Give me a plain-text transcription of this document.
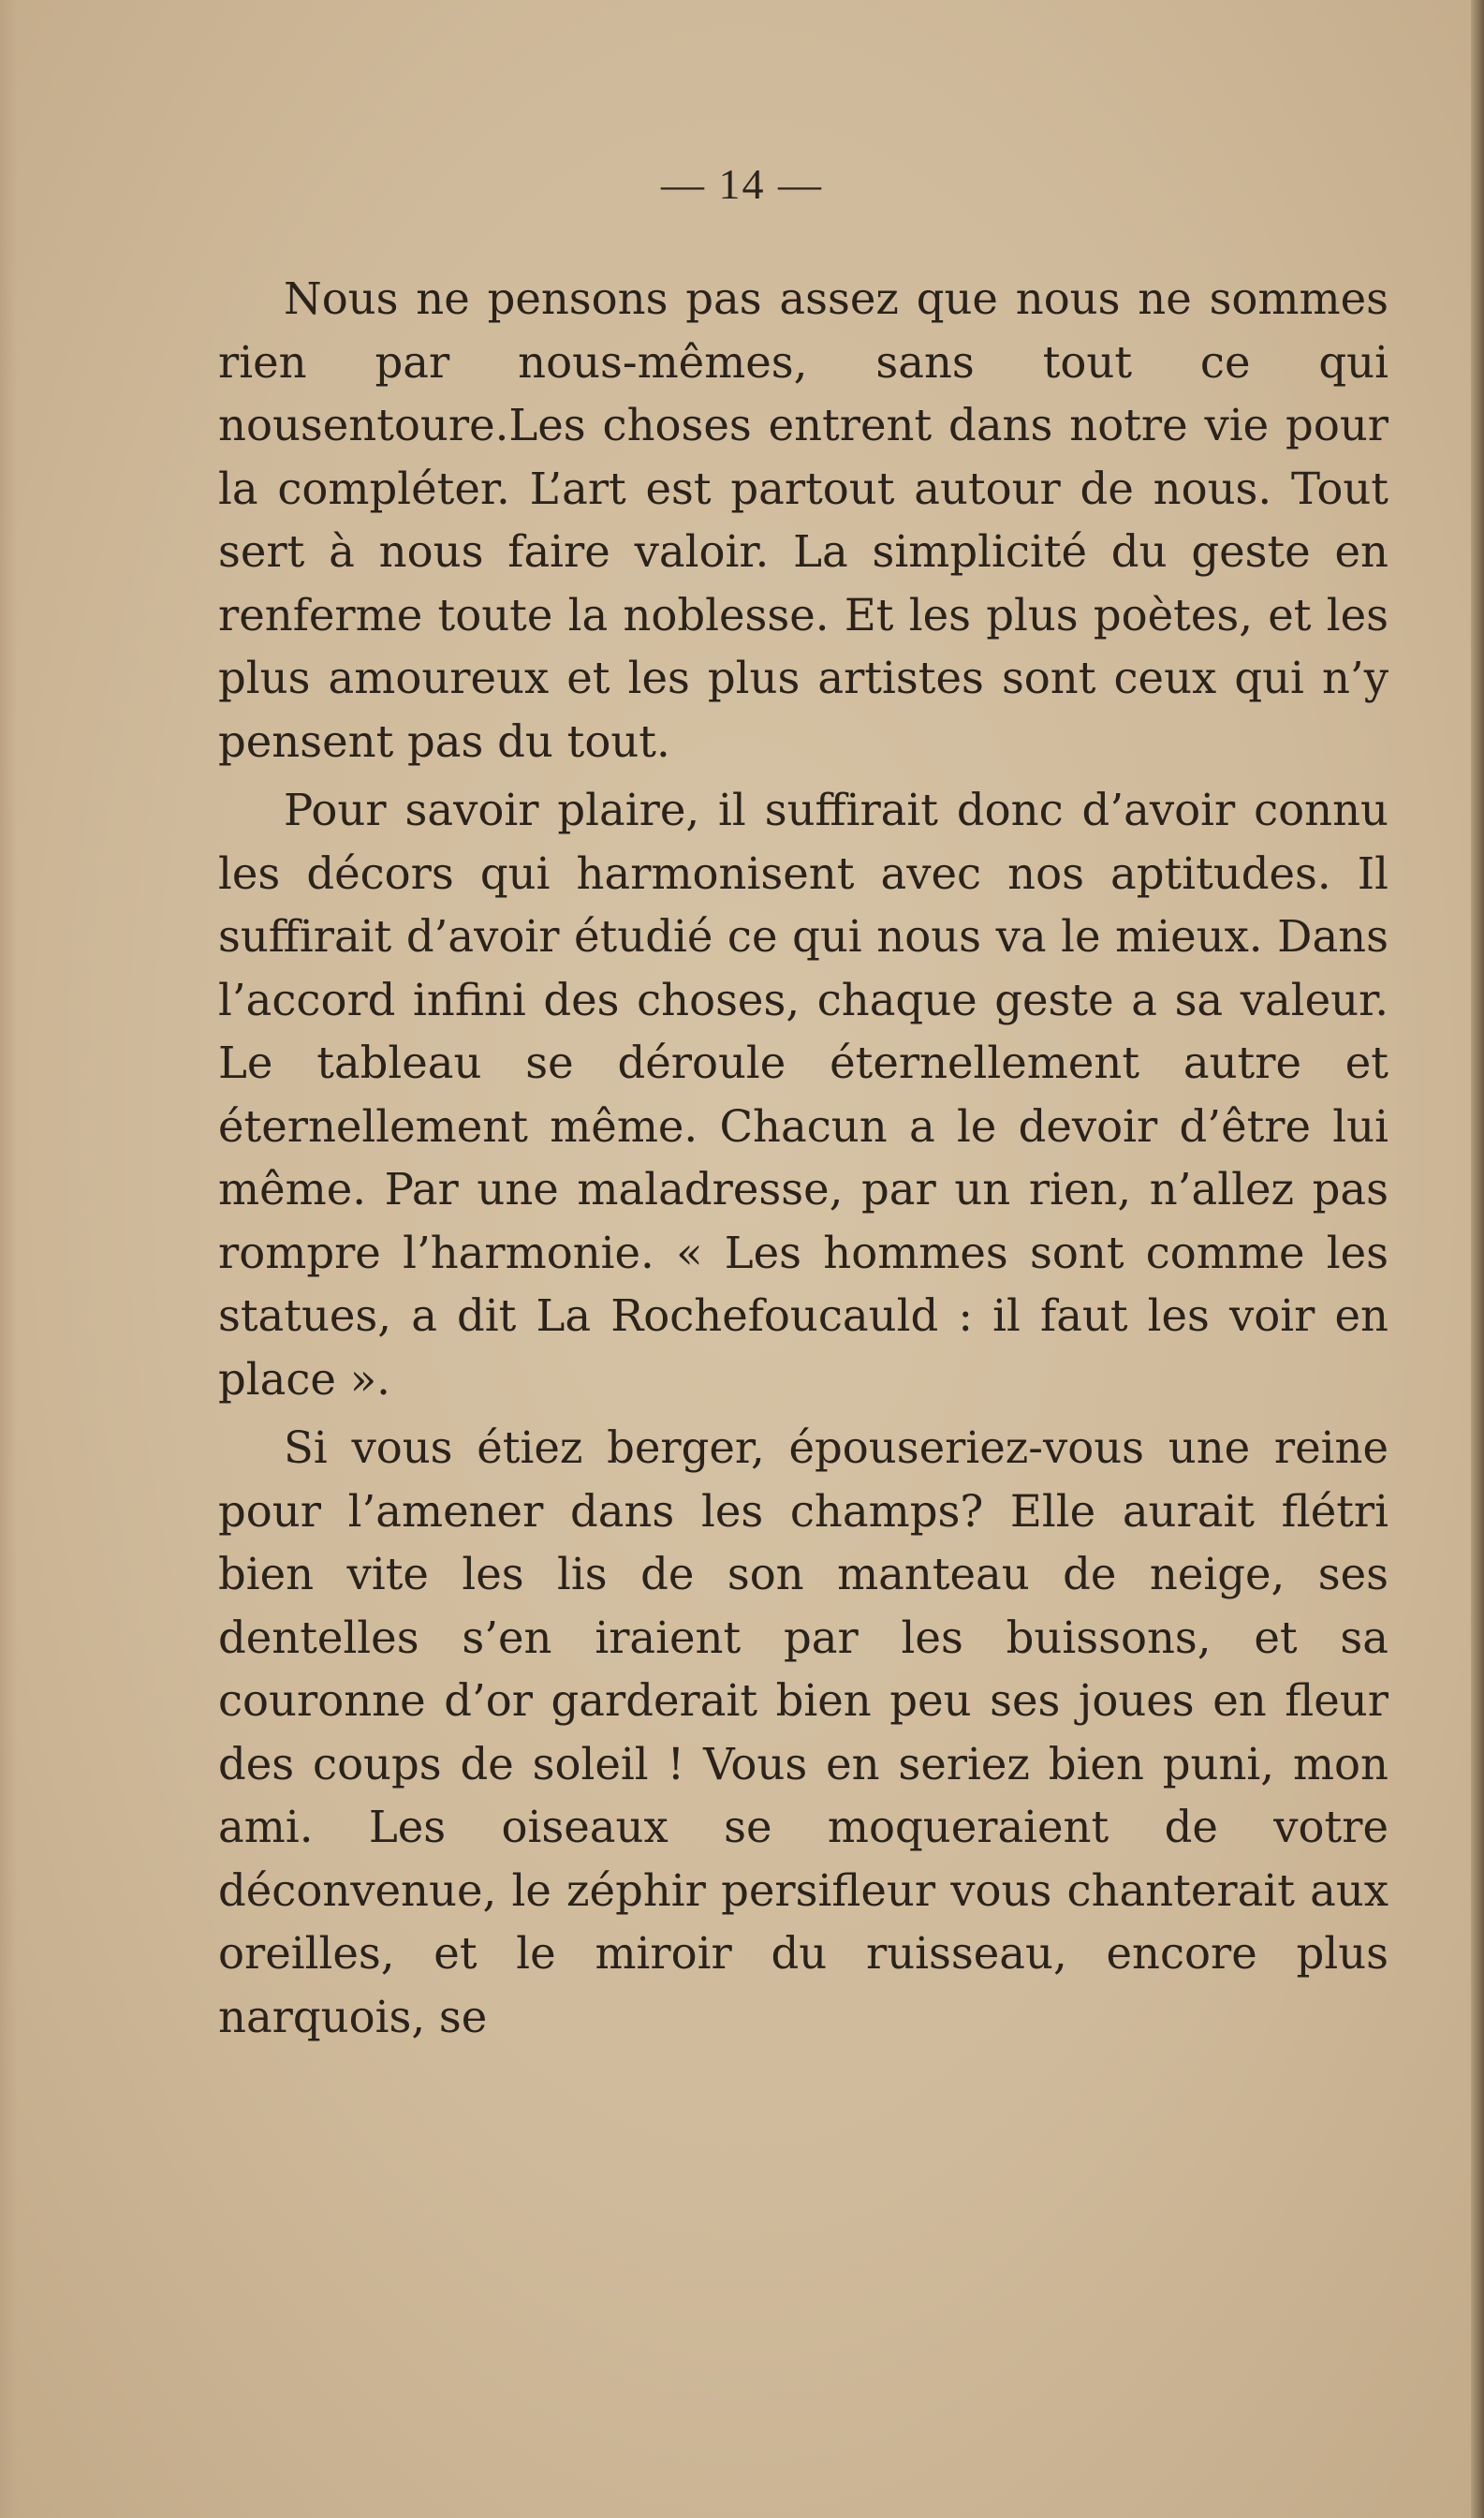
— 14 —

Nous ne pensons pas assez que nous ne sommes rien par nous-mêmes, sans tout ce qui nousentoure.Les choses entrent dans notre vie pour la compléter. L’art est partout autour de nous. Tout sert à nous faire valoir. La simplicité du geste en renferme toute la noblesse. Et les plus poètes, et les plus amoureux et les plus artistes sont ceux qui n’y pensent pas du tout.

Pour savoir plaire, il suffirait donc d’avoir connu les décors qui harmonisent avec nos aptitudes. Il suffirait d’avoir étudié ce qui nous va le mieux. Dans l’accord infini des choses, chaque geste a sa valeur. Le tableau se déroule éternellement autre et éternellement même. Chacun a le devoir d’être lui même. Par une maladresse, par un rien, n’allez pas rompre l’harmonie. « Les hommes sont comme les statues, a dit La Rochefoucauld : il faut les voir en place ».

Si vous étiez berger, épouseriez-vous une reine pour l’amener dans les champs? Elle aurait flétri bien vite les lis de son manteau de neige, ses dentelles s’en iraient par les buissons, et sa couronne d’or garderait bien peu ses joues en fleur des coups de soleil ! Vous en seriez bien puni, mon ami. Les oiseaux se moqueraient de votre déconvenue, le zéphir persifleur vous chanterait aux oreilles, et le miroir du ruisseau, encore plus narquois, se
